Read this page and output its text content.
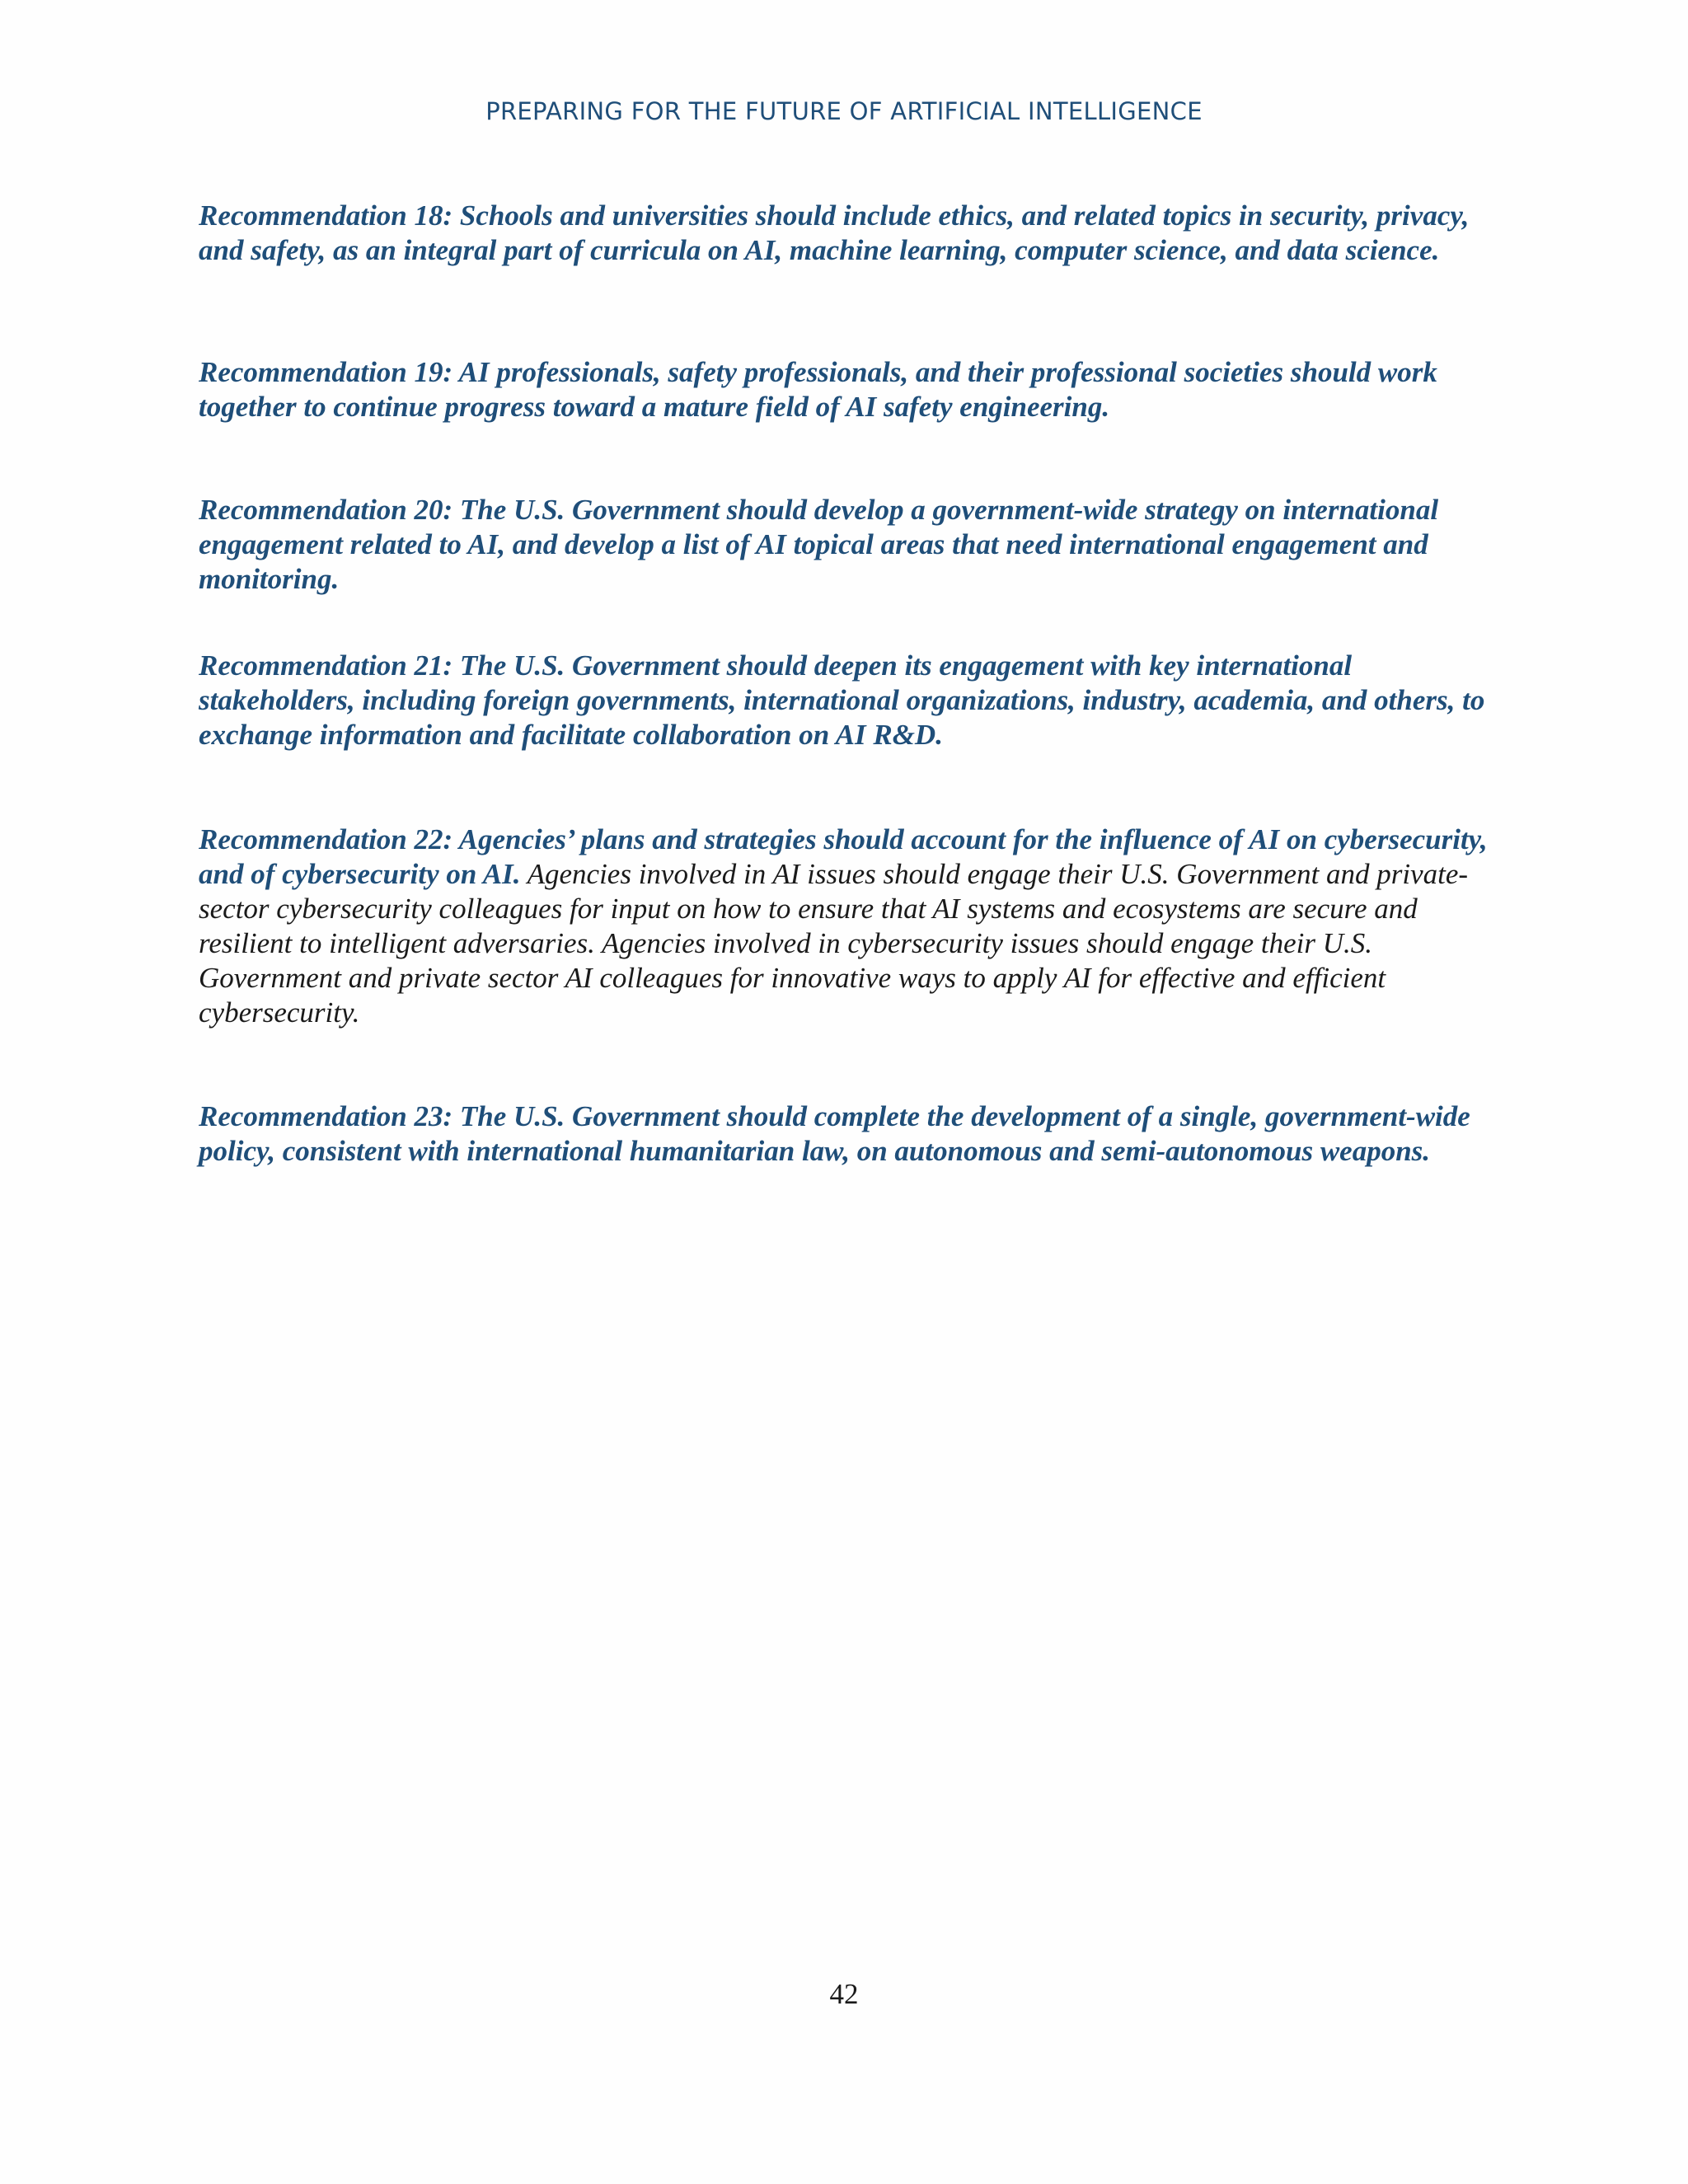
PREPARING FOR THE FUTURE OF ARTIFICIAL INTELLIGENCE

Recommendation 18: Schools and universities should include ethics, and related topics in security, privacy, and safety, as an integral part of curricula on AI, machine learning, computer science, and data science.

Recommendation 19: AI professionals, safety professionals, and their professional societies should work together to continue progress toward a mature field of AI safety engineering.

Recommendation 20: The U.S. Government should develop a government-wide strategy on international engagement related to AI, and develop a list of AI topical areas that need international engagement and monitoring.

Recommendation 21: The U.S. Government should deepen its engagement with key international stakeholders, including foreign governments, international organizations, industry, academia, and others, to exchange information and facilitate collaboration on AI R&D.

Recommendation 22: Agencies’ plans and strategies should account for the influence of AI on cybersecurity, and of cybersecurity on AI. Agencies involved in AI issues should engage their U.S. Government and private-sector cybersecurity colleagues for input on how to ensure that AI systems and ecosystems are secure and resilient to intelligent adversaries. Agencies involved in cybersecurity issues should engage their U.S. Government and private sector AI colleagues for innovative ways to apply AI for effective and efficient cybersecurity.

Recommendation 23: The U.S. Government should complete the development of a single, government-wide policy, consistent with international humanitarian law, on autonomous and semi-autonomous weapons.

42
